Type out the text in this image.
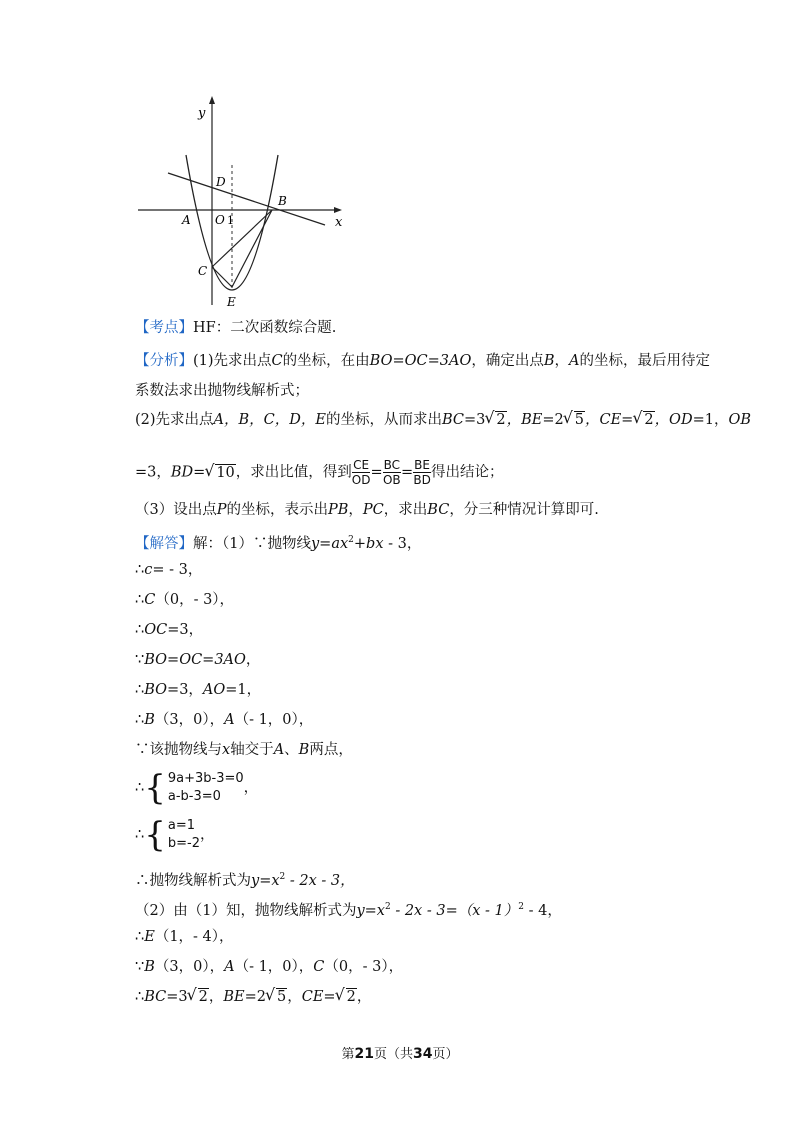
y
x
A O 1
B
D
C
E
【考点】HF：二次函数综合题.
【分析】(1)先求出点C的坐标，在由BO=OC=3AO，确定出点B，A的坐标，最后用待定
系数法求出抛物线解析式；
(2)先求出点A，B，C，D，E的坐标，从而求出BC=3 √ 2，BE=2 √ 5，CE= √ 2，OD=1，OB
=3，BD= √ 10，求出比值，得到 $\frac{CE}{OD} = \frac{BC}{OB} = \frac{BE}{BD}$ 得出结论；
（3）设出点P的坐标，表示出PB，PC，求出BC，分三种情况计算即可.
【解答】解：（1）∵抛物线$y=ax^2+bx - 3$，
∴c= - 3，
∴C（0，- 3），
∴OC=3，
∵BO=OC=3AO，
∴BO=3，AO=1，
∴B（3，0），A（- 1，0），
∵该抛物线与x轴交于A、B两点，
∴ { 9a+3b-3=0
a-b-3=0
，
∴ { a=1
b=-2
，
∴抛物线解析式为$y=x^2 - 2x - 3$，
（2）由（1）知，抛物线解析式为$y=x^2 - 2x - 3=(x - 1)^2 - 4$，
∴E（1，- 4），
∵B（3，0），A（- 1，0），C（0，- 3），
∴BC=3 √ 2，BE=2 √ 5，CE= √ 2，
第21页（共34页）
